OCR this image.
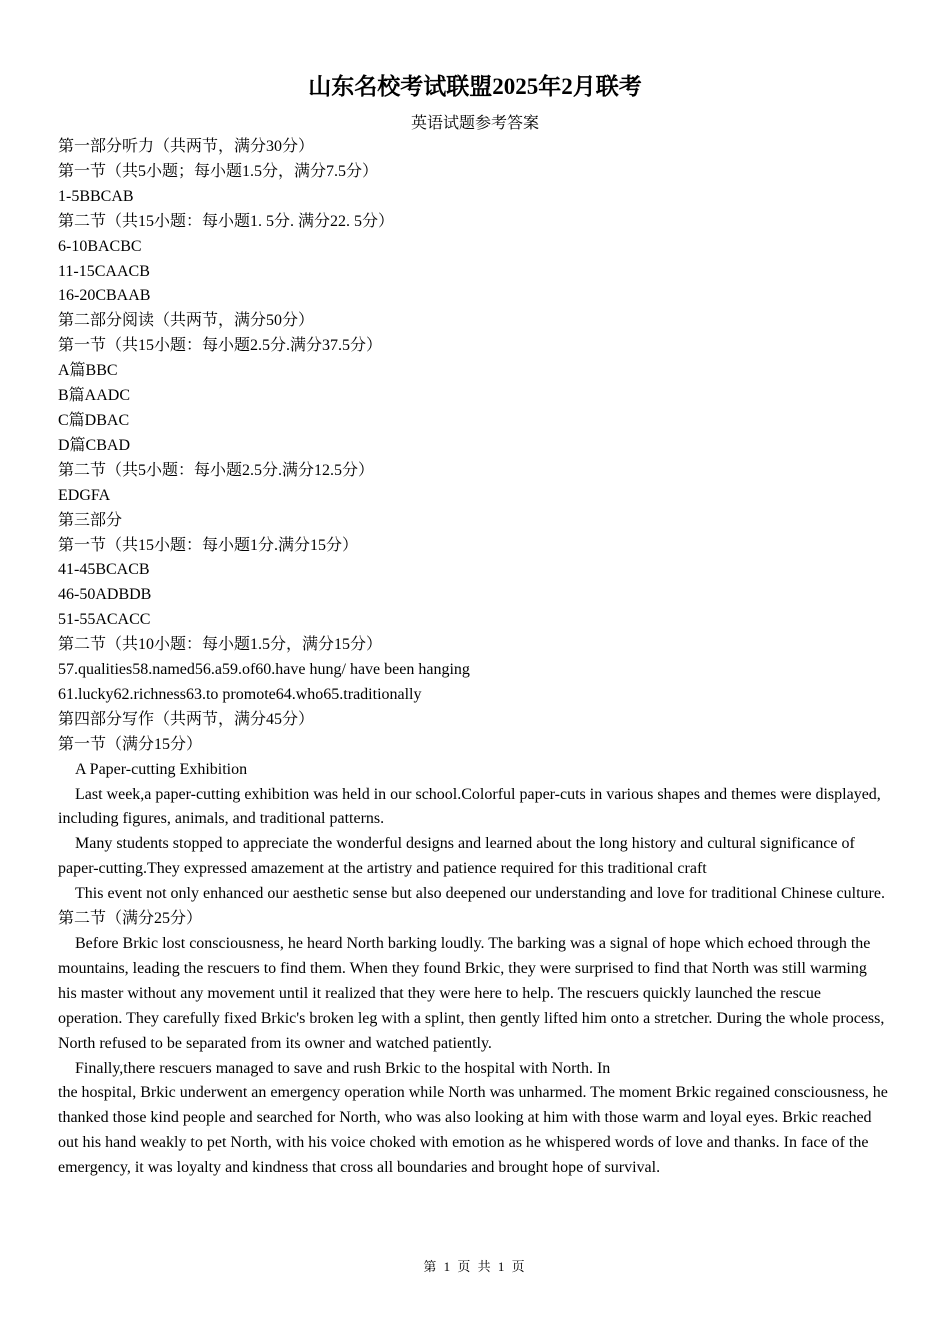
山东名校考试联盟2025年2月联考
英语试题参考答案
第一部分听力（共两节，满分30分）
第一节（共5小题；每小题1.5分，满分7.5分）
1-5BBCAB
第二节（共15小题：每小题1. 5分. 满分22. 5分）
6-10BACBC
11-15CAACB
16-20CBAAB
第二部分阅读（共两节，满分50分）
第一节（共15小题：每小题2.5分.满分37.5分）
A篇BBC
B篇AADC
C篇DBAC
D篇CBAD
第二节（共5小题：每小题2.5分.满分12.5分）
EDGFA
第三部分
第一节（共15小题：每小题1分.满分15分）
41-45BCACB
46-50ADBDB
51-55ACACC
第二节（共10小题：每小题1.5分，满分15分）
57.qualities58.named56.a59.of60.have hung/ have been hanging
61.lucky62.richness63.to promote64.who65.traditionally
第四部分写作（共两节，满分45分）
第一节（满分15分）
A Paper-cutting Exhibition
Last week,a paper-cutting exhibition was held in our school.Colorful paper-cuts in various shapes and themes were displayed, including figures, animals, and traditional patterns.
Many students stopped to appreciate the wonderful designs and learned about the long history and cultural significance of paper-cutting.They expressed amazement at the artistry and patience required for this traditional craft
This event not only enhanced our aesthetic sense but also deepened our understanding and love for traditional Chinese culture.
第二节（满分25分）
Before Brkic lost consciousness, he heard North barking loudly. The barking was a signal of hope which echoed through the mountains, leading the rescuers to find them. When they found Brkic, they were surprised to find that North was still warming his master without any movement until it realized that they were here to help. The rescuers quickly launched the rescue operation. They carefully fixed Brkic's broken leg with a splint, then gently lifted him onto a stretcher. During the whole process, North refused to be separated from its owner and watched patiently.
Finally,there rescuers managed to save and rush Brkic to the hospital with North. In
the hospital, Brkic underwent an emergency operation while North was unharmed. The moment Brkic regained consciousness, he thanked those kind people and searched for North, who was also looking at him with those warm and loyal eyes. Brkic reached out his hand weakly to pet North, with his voice choked with emotion as he whispered words of love and thanks. In face of the emergency, it was loyalty and kindness that cross all boundaries and brought hope of survival.
第 1 页 共 1 页
